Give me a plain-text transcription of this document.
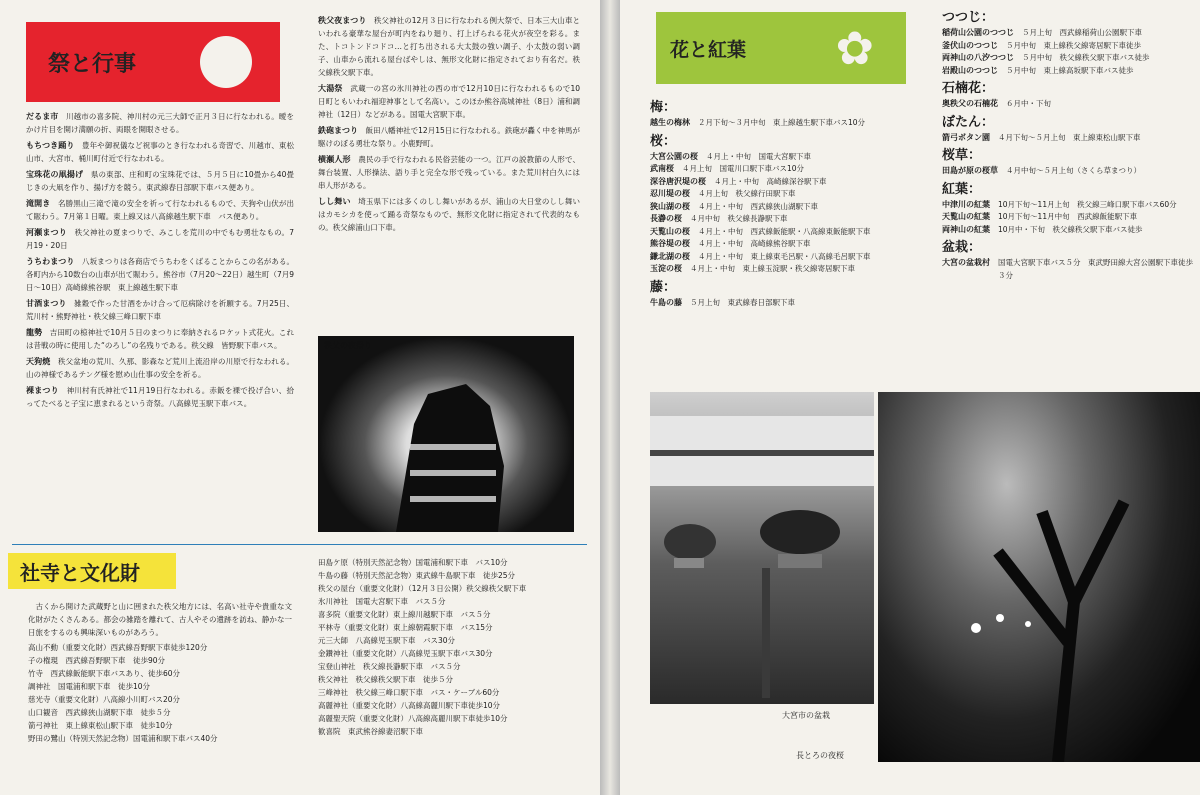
祭と行事

だるま市　 川越市の喜多院、神川村の元三大師で正月３日に行なわれる。曖をかけ片目を開け満願の折、両眼を開眼させる。

もちつき踊り　 豊年や御祝儀など祝事のとき行なわれる奇習で、川越市、東松山市、大宮市、桶川町付近で行なわれる。

宝珠花の凧揚げ　 県の東部、庄和町の宝珠花では、５月５日に10畳から40畳じきの大凧を作り、揚げ方を競う。東武線春日部駅下車バス便あり。

滝開き　 名勝黒山三滝で滝の安全を祈って行なわれるもので、天狗や山伏が出て賑わう。7月第１日曜。東上線又は八高線越生駅下車　バス便あり。

河瀬まつり　 秩父神社の夏まつりで、みこしを荒川の中でもむ勇壮なもの。7月19・20日

うちわまつり　 八坂まつりは各商店でうちわをくばることからこの名がある。各町内から10数台の山車が出て賑わう。熊谷市（7月20～22日）越生町（7月9日～10日）高崎線熊谷駅　東上線越生駅下車

甘酒まつり　 雑穀で作った甘酒をかけ合って厄病除けを祈願する。7月25日、荒川村・熊野神社・秩父線三峰口駅下車

龍勢　 吉田町の椋神社で10月５日のまつりに奉納されるロケット式花火。これは昔戦の時に使用した“のろし”の名残りである。秩父線　皆野駅下車バス。

天狗焼　 秩父盆地の荒川、久那、影森など荒川上流沿岸の川原で行なわれる。山の神様であるテング様を慰め山仕事の安全を祈る。

裸まつり　 神川村有氏神社で11月19日行なわれる。赤飯を裸で投げ合い、拾ってたべると子宝に恵まれるという奇祭。八高線児玉駅下車バス。

秩父夜まつり　 秩父神社の12月３日に行なわれる例大祭で、日本三大山車といわれる豪華な屋台が町内をねり廻り、打上げられる花火が夜空を彩る。また、トコトンドコドコ…と打ち出される大太鼓の強い調子、小太鼓の弱い調子、山車から流れる屋台ばやしは、無形文化財に指定されており有名だ。秩父線秩父駅下車。

大湯祭　 武蔵一の宮の氷川神社の西の市で12月10日に行なわれるもので10日町ともいわれ福迎神事として名高い。このほか熊谷高城神社（8日）浦和調神社（12日）などがある。国電大宮駅下車。

鉄砲まつり　 飯田八幡神社で12月15日に行なわれる。鉄砲が轟く中を神馬が駆けのぼる勇壮な祭り。小鹿野町。

横瀬人形　 農民の手で行なわれる民俗芸能の一つ。江戸の説教節の人形で、舞台装置、人形操法、語り手と完全な形で残っている。また荒川村白久には串人形がある。

しし舞い　 埼玉県下には多くのしし舞いがあるが、浦山の大日堂のしし舞いはカモシカを使って踊る奇祭なもので、無形文化財に指定されて代表的なもの。秩父線浦山口下車。

秩父の夜祭り
社寺と文化財

古くから開けた武蔵野と山に囲まれた秩父地方には、名高い社寺や貴重な文化財がたくさんある。都会の雑踏を離れて、古人やその遺跡を訪ね、静かな一日旅をするのも興味深いものがあろう。

高山不動（重要文化財）西武線吾野駅下車徒歩120分
子の権現　西武線吾野駅下車　徒歩90分
竹寺　西武線飯能駅下車バスあり、徒歩60分
調神社　国電浦和駅下車　徒歩10分
慈光寺（重要文化財）八高線小川町バス20分
山口観音　西武線狭山湖駅下車　徒歩５分
箭弓神社　東上線東松山駅下車　徒歩10分
野田の鷺山（特別天然記念物）国電浦和駅下車バス40分
田島ケ原（特別天然記念物）国電浦和駅下車　バス10分
牛島の藤（特別天然記念物）東武線牛島駅下車　徒歩25分
秩父の屋台（重要文化財）（12月３日公開）秩父線秩父駅下車
氷川神社　国電大宮駅下車　バス５分
喜多院（重要文化財）東上線川越駅下車　バス５分
平林寺（重要文化財）東上線朝霞駅下車　バス15分
元三大師　八高線児玉駅下車　バス30分
金鑽神社（重要文化財）八高線児玉駅下車バス30分
宝登山神社　秩父線長瀞駅下車　バス５分
秩父神社　秩父線秩父駅下車　徒歩５分
三峰神社　秩父線三峰口駅下車　バス・ケーブル60分
高麗神社（重要文化財）八高線高麗川駅下車徒歩10分
高麗聖天院（重要文化財）八高線高麗川駅下車徒歩10分
歓喜院　東武熊谷線妻沼駅下車
花と紅葉 ✿
梅：
越生の梅林 ２月下旬～３月中旬　東上線越生駅下車バス10分
桜：
大宮公園の桜 ４月上・中旬　国電大宮駅下車
武南桜 ４月上旬　国電川口駅下車バス10分
深谷唐沢堤の桜 ４月上・中旬　高崎線深谷駅下車
忍川堤の桜 ４月上旬　秩父線行田駅下車
狭山湖の桜 ４月上・中旬　西武線狭山湖駅下車
長瀞の桜 ４月中旬　秩父線長瀞駅下車
天覧山の桜 ４月上・中旬　西武線飯能駅・八高線東飯能駅下車
熊谷堤の桜 ４月上・中旬　高崎線熊谷駅下車
鎌北湖の桜 ４月上・中旬　東上線東毛呂駅・八高線毛呂駅下車
玉淀の桜 ４月上・中旬　東上線玉淀駅・秩父線寄居駅下車
藤：
牛島の藤 ５月上旬　東武線春日部駅下車
つつじ：
稲荷山公園のつつじ ５月上旬　西武線稲荷山公園駅下車
釜伏山のつつじ ５月中旬　東上線秩父線寄居駅下車徒歩
両神山の八汐つつじ ５月中旬　秩父線秩父駅下車バス徒歩
岩殿山のつつじ ５月中旬　東上線高坂駅下車バス徒歩
石楠花：
奥秩父の石楠花 ６月中・下旬
ぼたん：
箭弓ボタン園 ４月下旬～５月上旬　東上線東松山駅下車
桜草：
田島が原の桜草 ４月中旬～５月上旬（さくら草まつり）
紅葉：
中津川の紅葉 10月下旬～11月上旬　秩父線三峰口駅下車バス60分
天覧山の紅葉 10月下旬～11月中旬　西武線飯能駅下車
両神山の紅葉 10月中・下旬　秩父線秩父駅下車バス徒歩
盆栽：
大宮の盆栽村 国電大宮駅下車バス５分　東武野田線大宮公園駅下車徒歩３分
大宮市の盆栽
長とろの夜桜
